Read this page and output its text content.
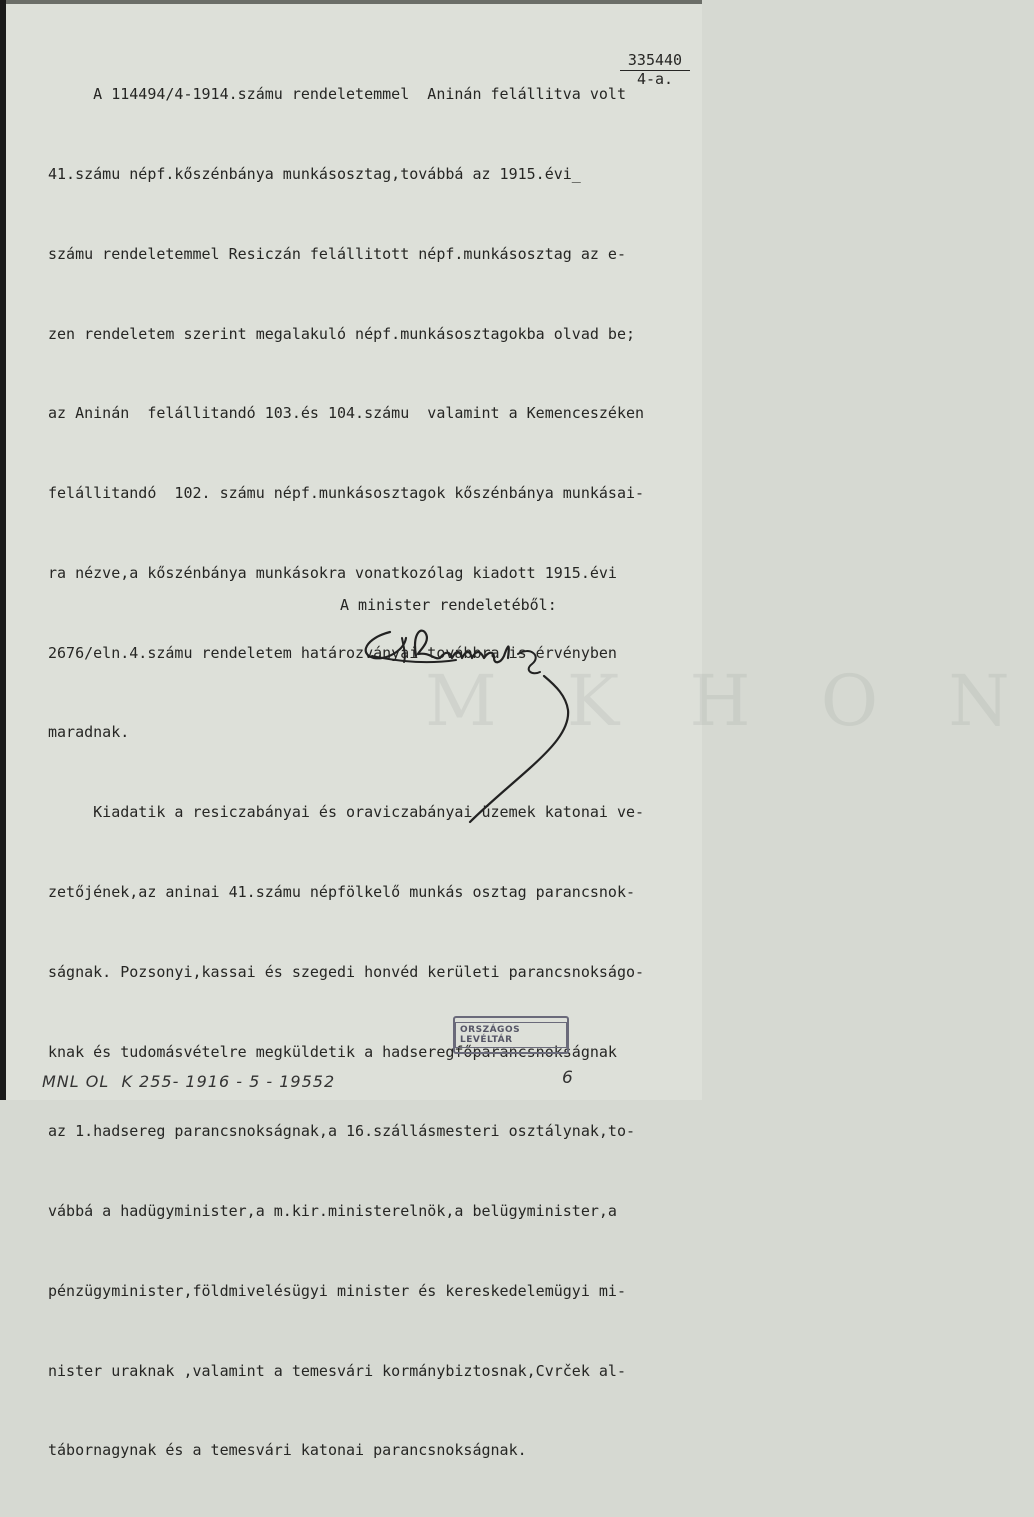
M K H O N

A 114494/4-1914.számu rendeletemmel  Aninán felállitva volt

41.számu népf.kőszénbánya munkásosztag,továbbá az 1915.évi_

számu rendeletemmel Resiczán felállitott népf.munkásosztag az e-

zen rendeletem szerint megalakuló népf.munkásosztagokba olvad be;

az Aninán  felállitandó 103.és 104.számu  valamint a Kemenceszéken

felállitandó  102. számu népf.munkásosztagok kőszénbánya munkásai-

ra nézve,a kőszénbánya munkásokra vonatkozólag kiadott 1915.évi

2676/eln.4.számu rendeletem határozványai továbbra is érvényben

maradnak.

Kiadatik a resiczabányai és oraviczabányai üzemek katonai ve-

zetőjének,az aninai 41.számu népfölkelő munkás osztag parancsnok-

ságnak. Pozsonyi,kassai és szegedi honvéd kerületi parancsnokságo-

knak és tudomásvételre megküldetik a hadseregfőparancsnokságnak

az 1.hadsereg parancsnokságnak,a 16.szállásmesteri osztálynak,to-

vábbá a hadügyminister,a m.kir.ministerelnök,a belügyminister,a

pénzügyminister,földmivelésügyi minister és kereskedelemügyi mi-

nister uraknak ,valamint a temesvári kormánybiztosnak,Cvrček al-

tábornagynak és a temesvári katonai parancsnokságnak.

$\frac{335440}{4-a.}$
A minister rendeletéből:
ORSZÁGOS LEVÉLTÁR
MNL OL  K 255- 1916 - 5 - 19552	6
